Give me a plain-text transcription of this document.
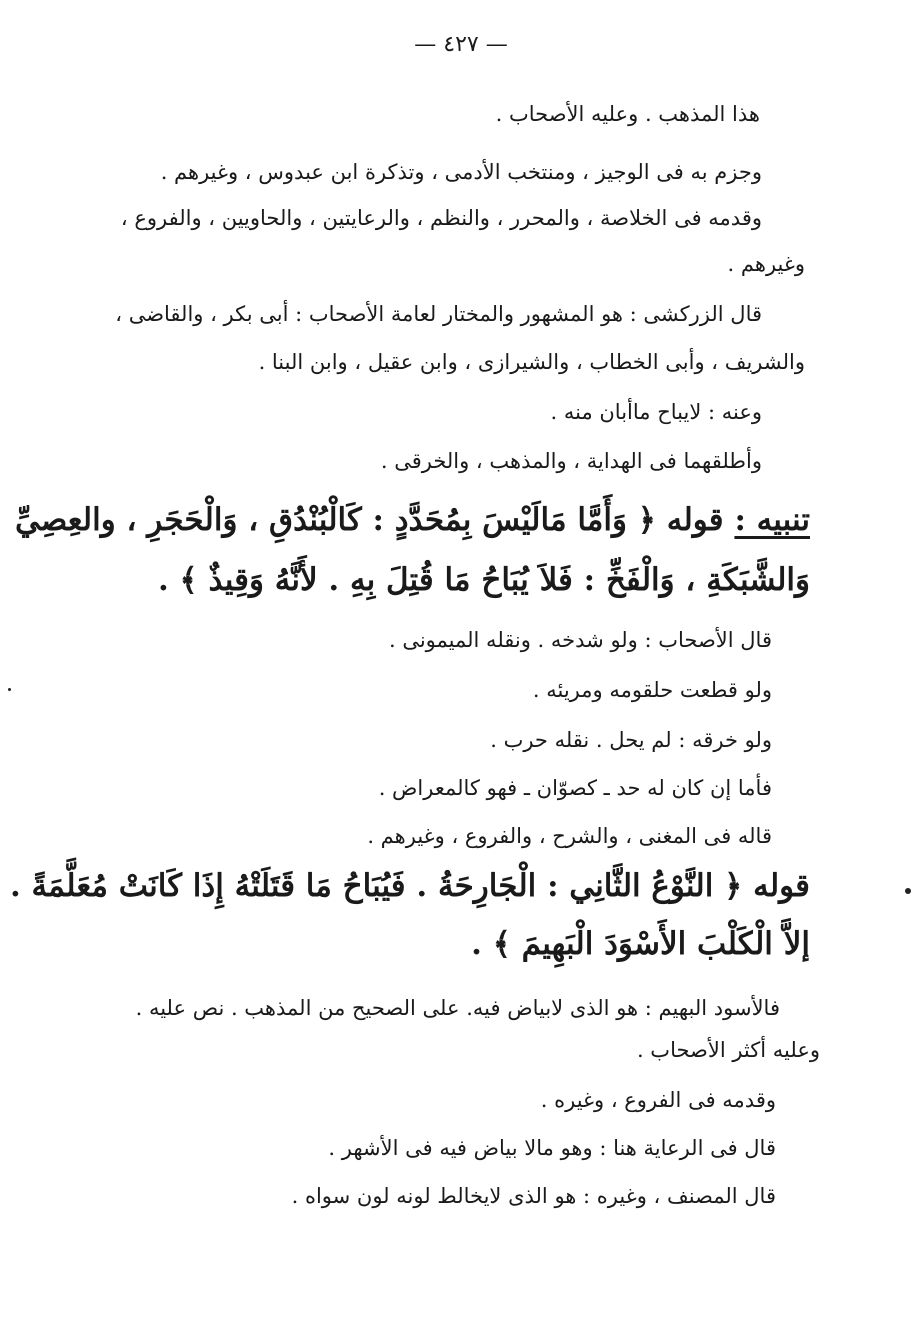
— ٤٢٧ —
هذا المذهب . وعليه الأصحاب .
وجزم به فى الوجيز ، ومنتخب الأدمى ، وتذكرة ابن عبدوس ، وغيرهم .
وقدمه فى الخلاصة ، والمحرر ، والنظم ، والرعايتين ، والحاويين ، والفروع ،
وغيرهم .
قال الزركشى : هو المشهور والمختار لعامة الأصحاب : أبى بكر ، والقاضى ،
والشريف ، وأبى الخطاب ، والشيرازى ، وابن عقيل ، وابن البنا .
وعنه : لايباح ماأبان منه .
وأطلقهما فى الهداية ، والمذهب ، والخرقى .
تنبيه : قوله ﴿ وَأَمَّا مَالَيْسَ بِمُحَدَّدٍ : كَالْبُنْدُقِ ، وَالْحَجَرِ ، والعِصِيِّ
وَالشَّبَكَةِ ، وَالْفَخِّ : فَلاَ يُبَاحُ مَا قُتِلَ بِهِ . لأَنَّهُ وَقِيذٌ ﴾ .
قال الأصحاب : ولو شدخه . ونقله الميمونى .
ولو قطعت حلقومه ومريئه .
ولو خرقه : لم يحل . نقله حرب .
فأما إن كان له حد ـ كصوّان ـ فهو كالمعراض .
قاله فى المغنى ، والشرح ، والفروع ، وغيرهم .
قوله ﴿ النَّوْعُ الثَّانِي : الْجَارِحَةُ . فَيُبَاحُ مَا قَتَلَتْهُ إِذَا كَانَتْ مُعَلَّمَةً .
إلاَّ الْكَلْبَ الأَسْوَدَ الْبَهِيمَ ﴾ .
فالأسود البهيم : هو الذى لابياض فيه. على الصحيح من المذهب . نص عليه .
وعليه أكثر الأصحاب .
وقدمه فى الفروع ، وغيره .
قال فى الرعاية هنا : وهو مالا بياض فيه فى الأشهر .
قال المصنف ، وغيره : هو الذى لايخالط لونه لون سواه .
